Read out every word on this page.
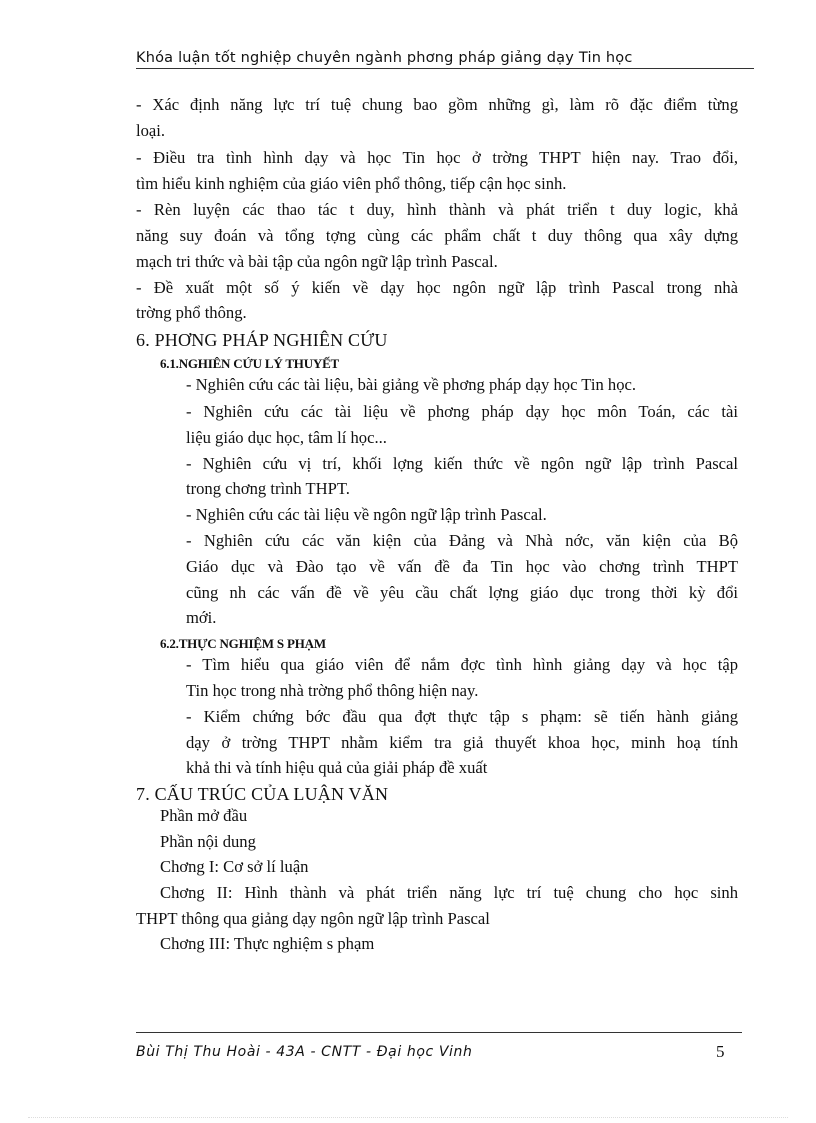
Khóa luận tốt nghiệp chuyên ngành phơng pháp giảng dạy Tin học
- Xác định năng lực trí tuệ chung bao gồm những gì, làm rõ đặc điểm từng
loại.
- Điều tra tình hình dạy và học Tin học ở trờng THPT hiện nay. Trao đổi,
tìm hiểu kinh nghiệm của giáo viên phổ thông, tiếp cận học sinh.
- Rèn luyện các thao tác t duy, hình thành và phát triển t duy logic, khả
năng suy đoán và tổng tợng cùng các phẩm chất t duy thông qua xây dựng
mạch tri thức và bài tập của ngôn ngữ lập trình Pascal.
- Đề xuất một số ý kiến về dạy học ngôn ngữ lập trình Pascal trong nhà
trờng phổ thông.
6. PHƠNG PHÁP NGHIÊN CỨU
6.1.NGHIÊN CỨU LÝ THUYẾT
- Nghiên cứu các tài liệu, bài giảng về phơng pháp dạy học Tin học.
- Nghiên cứu các tài liệu về phơng pháp dạy học môn Toán, các tài
liệu giáo dục học, tâm lí học...
- Nghiên cứu vị trí, khối lợng kiến thức về ngôn ngữ lập trình Pascal
trong chơng trình THPT.
- Nghiên cứu các tài liệu về ngôn ngữ lập trình Pascal.
- Nghiên cứu các văn kiện của Đảng và Nhà nớc, văn kiện của Bộ
Giáo dục và Đào tạo về vấn đề đa Tin học vào chơng trình THPT
cũng nh các vấn đề về yêu cầu chất lợng giáo dục trong thời kỳ đổi
mới.
6.2.THỰC NGHIỆM S PHẠM
- Tìm hiểu qua giáo viên để nắm đợc tình hình giảng dạy và học tập
Tin học trong nhà trờng phổ thông hiện nay.
- Kiểm chứng bớc đầu qua đợt thực tập s phạm: sẽ tiến hành giảng
dạy ở trờng THPT nhằm kiểm tra giả thuyết khoa học, minh hoạ tính
khả thi và tính hiệu quả của giải pháp đề xuất
7. CẤU TRÚC CỦA LUẬN VĂN
Phần mở đầu
Phần nội dung
Chơng I: Cơ sở lí luận
Chơng II: Hình thành và phát triển năng lực trí tuệ chung cho học sinh
THPT thông qua giảng dạy ngôn ngữ lập trình Pascal
Chơng III: Thực nghiệm s phạm
Bùi Thị Thu Hoài - 43A - CNTT - Đại học Vinh	5
